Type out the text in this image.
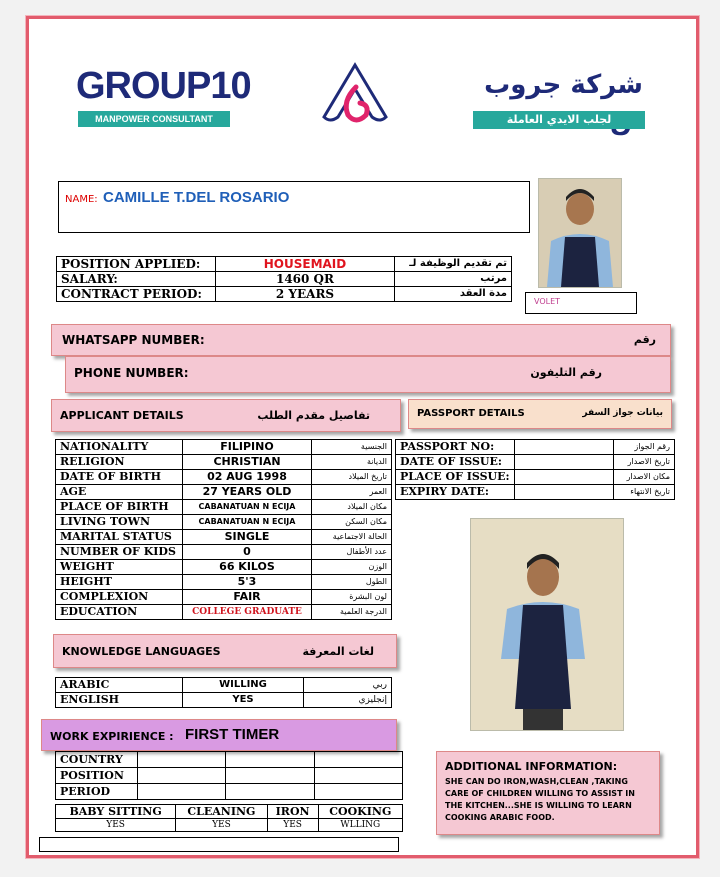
GROUP10
MANPOWER CONSULTANT
شركة جروب
لجلب الايدي العاملة
NAME: CAMILLE T.DEL ROSARIO
VOLET
POSITION APPLIED:	HOUSEMAID	تم تقديم الوظيفة لـ
SALARY:	1460 QR	مرتب
CONTRACT PERIOD:	2 YEARS	مدة العقد
WHATSAPP NUMBER:	رقم
PHONE NUMBER:	رقم التليفون
APPLICANT DETAILS	تفاصيل مقدم الطلب	PASSPORT DETAILS	بيانات جواز السفر
NATIONALITY	FILIPINO	الجنسية
RELIGION	CHRISTIAN	الديانة
DATE OF BIRTH	02 AUG 1998	تاريخ الميلاد
AGE	27 YEARS OLD	العمر
PLACE OF BIRTH	CABANATUAN N ECIJA	مكان الميلاد
LIVING TOWN	CABANATUAN N ECIJA	مكان السكن
MARITAL STATUS	SINGLE	الحالة الاجتماعية
NUMBER OF KIDS	0	عدد الأطفال
WEIGHT	66 KILOS	الوزن
HEIGHT	5'3	الطول
COMPLEXION	FAIR	لون البشرة
EDUCATION	COLLEGE GRADUATE	الدرجة العلمية
PASSPORT NO:		رقم الجواز
DATE OF ISSUE:		تاريخ الاصدار
PLACE OF ISSUE:		مكان الاصدار
EXPIRY DATE:		تاريخ الانتهاء
KNOWLEDGE LANGUAGES	لغات المعرفة
ARABIC	WILLING	ربي
ENGLISH	YES	إنجليزي
WORK EXPIRIENCE : FIRST TIMER
COUNTRY			
POSITION			
PERIOD			
BABY SITTING	CLEANING	IRON	COOKING
YES	YES	YES	WLLING
ADDITIONAL INFORMATION:
SHE CAN DO IRON,WASH,CLEAN ,TAKING CARE OF CHILDREN WILLING TO ASSIST IN THE KITCHEN...SHE IS WILLING TO LEARN COOKING ARABIC FOOD.
